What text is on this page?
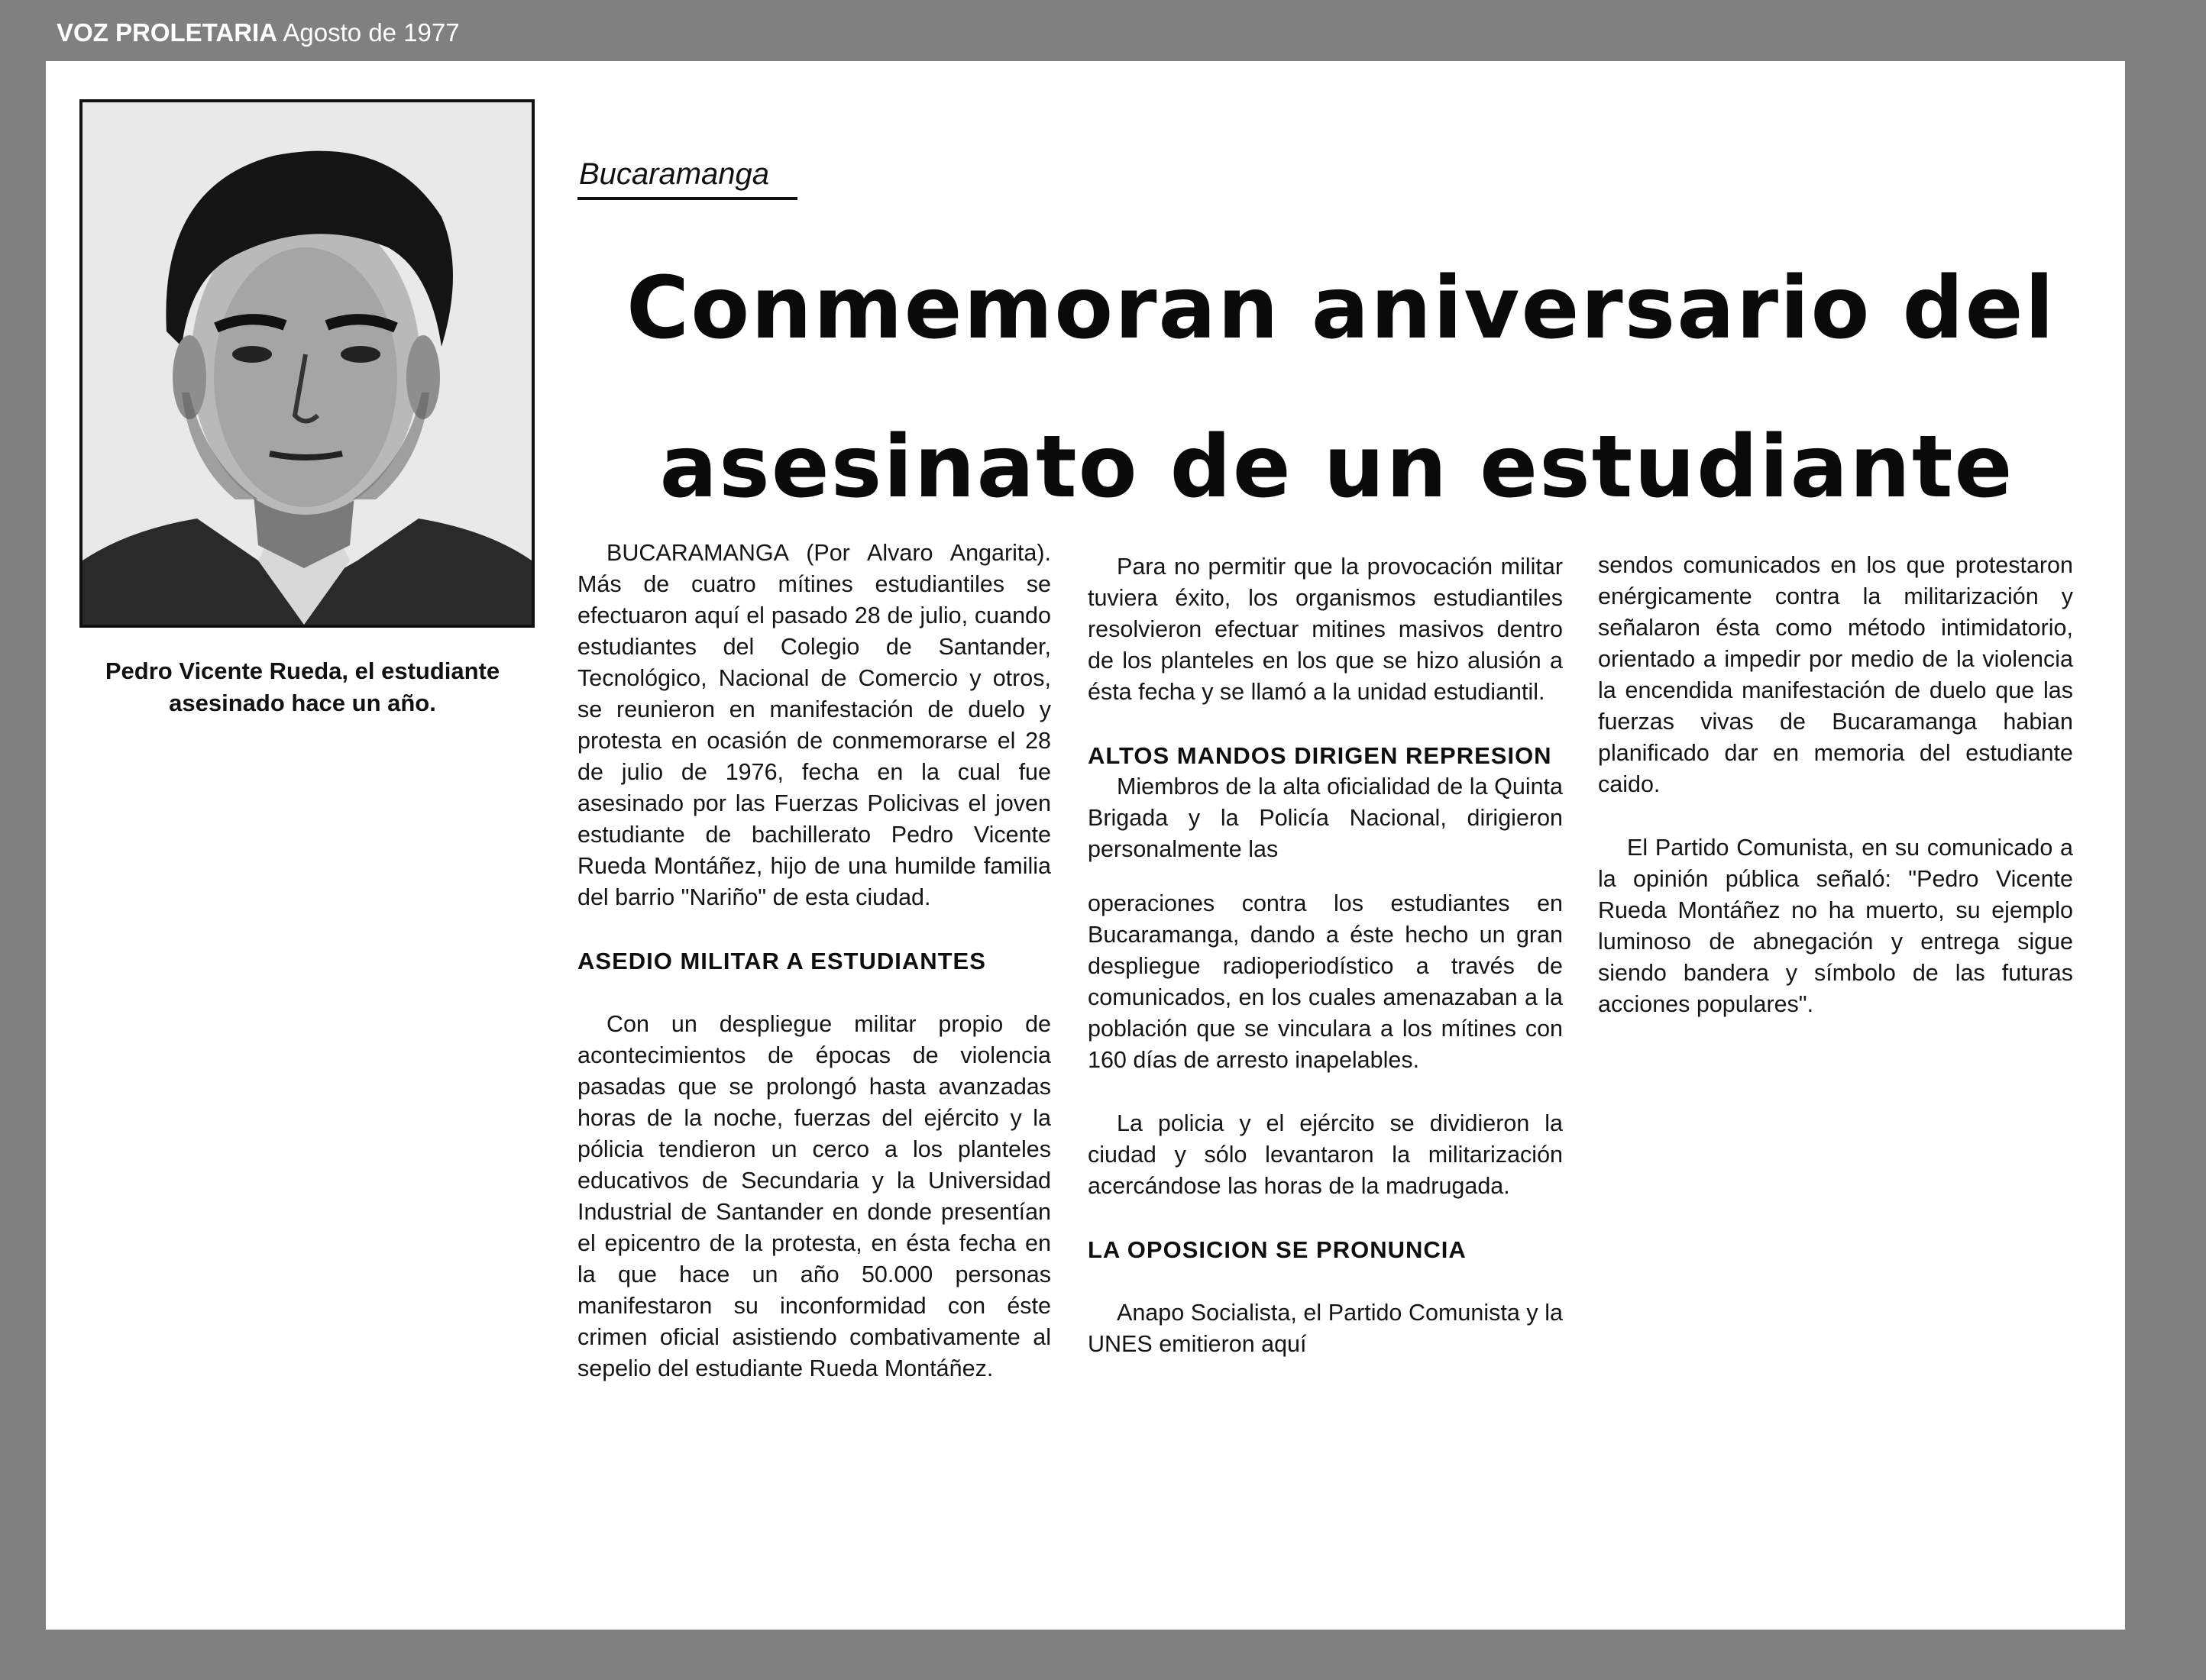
VOZ PROLETARIA Agosto de 1977
Pedro Vicente Rueda, el estudiante
asesinado hace un año.
Bucaramanga
Conmemoran aniversario del
asesinato de un estudiante

BUCARAMANGA (Por Alvaro Angarita). Más de cuatro mítines estudiantiles se efectuaron aquí el pasado 28 de julio, cuando estudiantes del Colegio de Santander, Tecnológico, Nacional de Comercio y otros, se reunieron en manifestación de duelo y protesta en ocasión de conmemorarse el 28 de julio de 1976, fecha en la cual fue asesinado por las Fuerzas Policivas el joven estudiante de bachillerato Pedro Vicente Rueda Montáñez, hijo de una humilde familia del barrio "Nariño" de esta ciudad.

ASEDIO MILITAR A ESTUDIANTES

Con un despliegue militar propio de acontecimientos de épocas de violencia pasadas que se prolongó hasta avanzadas horas de la noche, fuerzas del ejército y la pólicia tendieron un cerco a los planteles educativos de Secundaria y la Universidad Industrial de Santander en donde presentían el epicentro de la protesta, en ésta fecha en la que hace un año 50.000 personas manifestaron su inconformidad con éste crimen oficial asistiendo combativamente al sepelio del estudiante Rueda Montáñez.

Para no permitir que la provocación militar tuviera éxito, los organismos estudiantiles resolvieron efectuar mitines masivos dentro de los planteles en los que se hizo alusión a ésta fecha y se llamó a la unidad estudiantil.

ALTOS MANDOS DIRIGEN REPRESION

Miembros de la alta oficialidad de la Quinta Brigada y la Policía Nacional, dirigieron personalmente las

operaciones contra los estudiantes en Bucaramanga, dando a éste hecho un gran despliegue radioperiodístico a través de comunicados, en los cuales amenazaban a la población que se vinculara a los mítines con 160 días de arresto inapelables.

La policia y el ejército se dividieron la ciudad y sólo levantaron la militarización acercándose las horas de la madrugada.

LA OPOSICION SE PRONUNCIA

Anapo Socialista, el Partido Comunista y la UNES emitieron aquí

sendos comunicados en los que protestaron enérgicamente contra la militarización y señalaron ésta como método intimidatorio, orientado a impedir por medio de la violencia la encendida manifestación de duelo que las fuerzas vivas de Bucaramanga habian planificado dar en memoria del estudiante caido.

El Partido Comunista, en su comunicado a la opinión pública señaló: "Pedro Vicente Rueda Montáñez no ha muerto, su ejemplo luminoso de abnegación y entrega sigue siendo bandera y símbolo de las futuras acciones populares".
